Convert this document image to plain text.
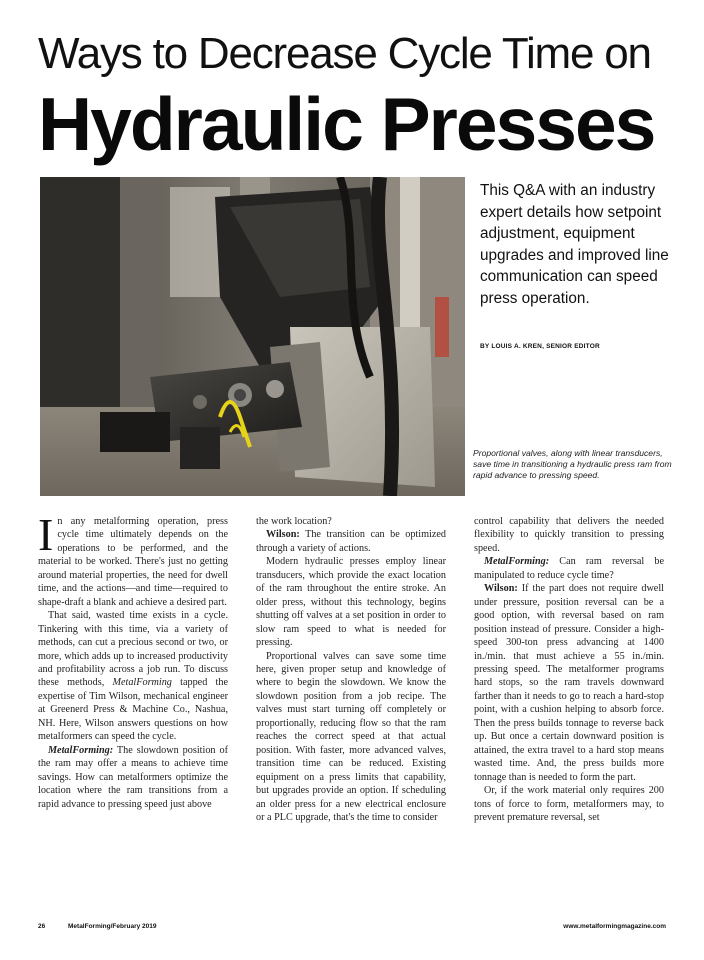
Ways to Decrease Cycle Time on
Hydraulic Presses

This Q&A with an industry expert details how setpoint adjustment, equipment upgrades and improved line communication can speed press operation.

BY LOUIS A. KREN, SENIOR EDITOR

Proportional valves, along with linear transducers, save time in transitioning a hydraulic press ram from rapid advance to pressing speed.

In any metalforming operation, press cycle time ultimately depends on the operations to be performed, and the material to be worked. There's just no getting around material properties, the need for dwell time, and the actions—and time—required to shape-draft a blank and achieve a desired part.

That said, wasted time exists in a cycle. Tinkering with this time, via a variety of methods, can cut a precious second or two, or more, which adds up to increased productivity and profitability across a job run. To discuss these methods, MetalForming tapped the expertise of Tim Wilson, mechanical engineer at Greenerd Press & Machine Co., Nashua, NH. Here, Wilson answers questions on how metalformers can speed the cycle.

MetalForming: The slowdown position of the ram may offer a means to achieve time savings. How can metalformers optimize the location where the ram transitions from a rapid advance to pressing speed just above

the work location?

Wilson: The transition can be optimized through a variety of actions.

Modern hydraulic presses employ linear transducers, which provide the exact location of the ram throughout the entire stroke. An older press, without this technology, begins shutting off valves at a set position in order to slow ram speed to what is needed for pressing.

Proportional valves can save some time here, given proper setup and knowledge of where to begin the slowdown. We know the slowdown position from a job recipe. The valves must start turning off completely or proportionally, reducing flow so that the ram reaches the correct speed at that actual position. With faster, more advanced valves, transition time can be reduced. Existing equipment on a press limits that capability, but upgrades provide an option. If scheduling an older press for a new electrical enclosure or a PLC upgrade, that's the time to consider

control capability that delivers the needed flexibility to quickly transition to pressing speed.

MetalForming: Can ram reversal be manipulated to reduce cycle time?

Wilson: If the part does not require dwell under pressure, position reversal can be a good option, with reversal based on ram position instead of pressure. Consider a high-speed 300-ton press advancing at 1400 in./min. that must achieve a 55 in./min. pressing speed. The metalformer programs hard stops, so the ram travels downward farther than it needs to go to reach a hard-stop point, with a cushion helping to absorb force. Then the press builds tonnage to reverse back up. But once a certain downward position is attained, the extra travel to a hard stop means wasted time. And, the press builds more tonnage than is needed to form the part.

Or, if the work material only requires 200 tons of force to form, metalformers may, to prevent premature reversal, set

26	MetalForming/February 2019	www.metalformingmagazine.com
